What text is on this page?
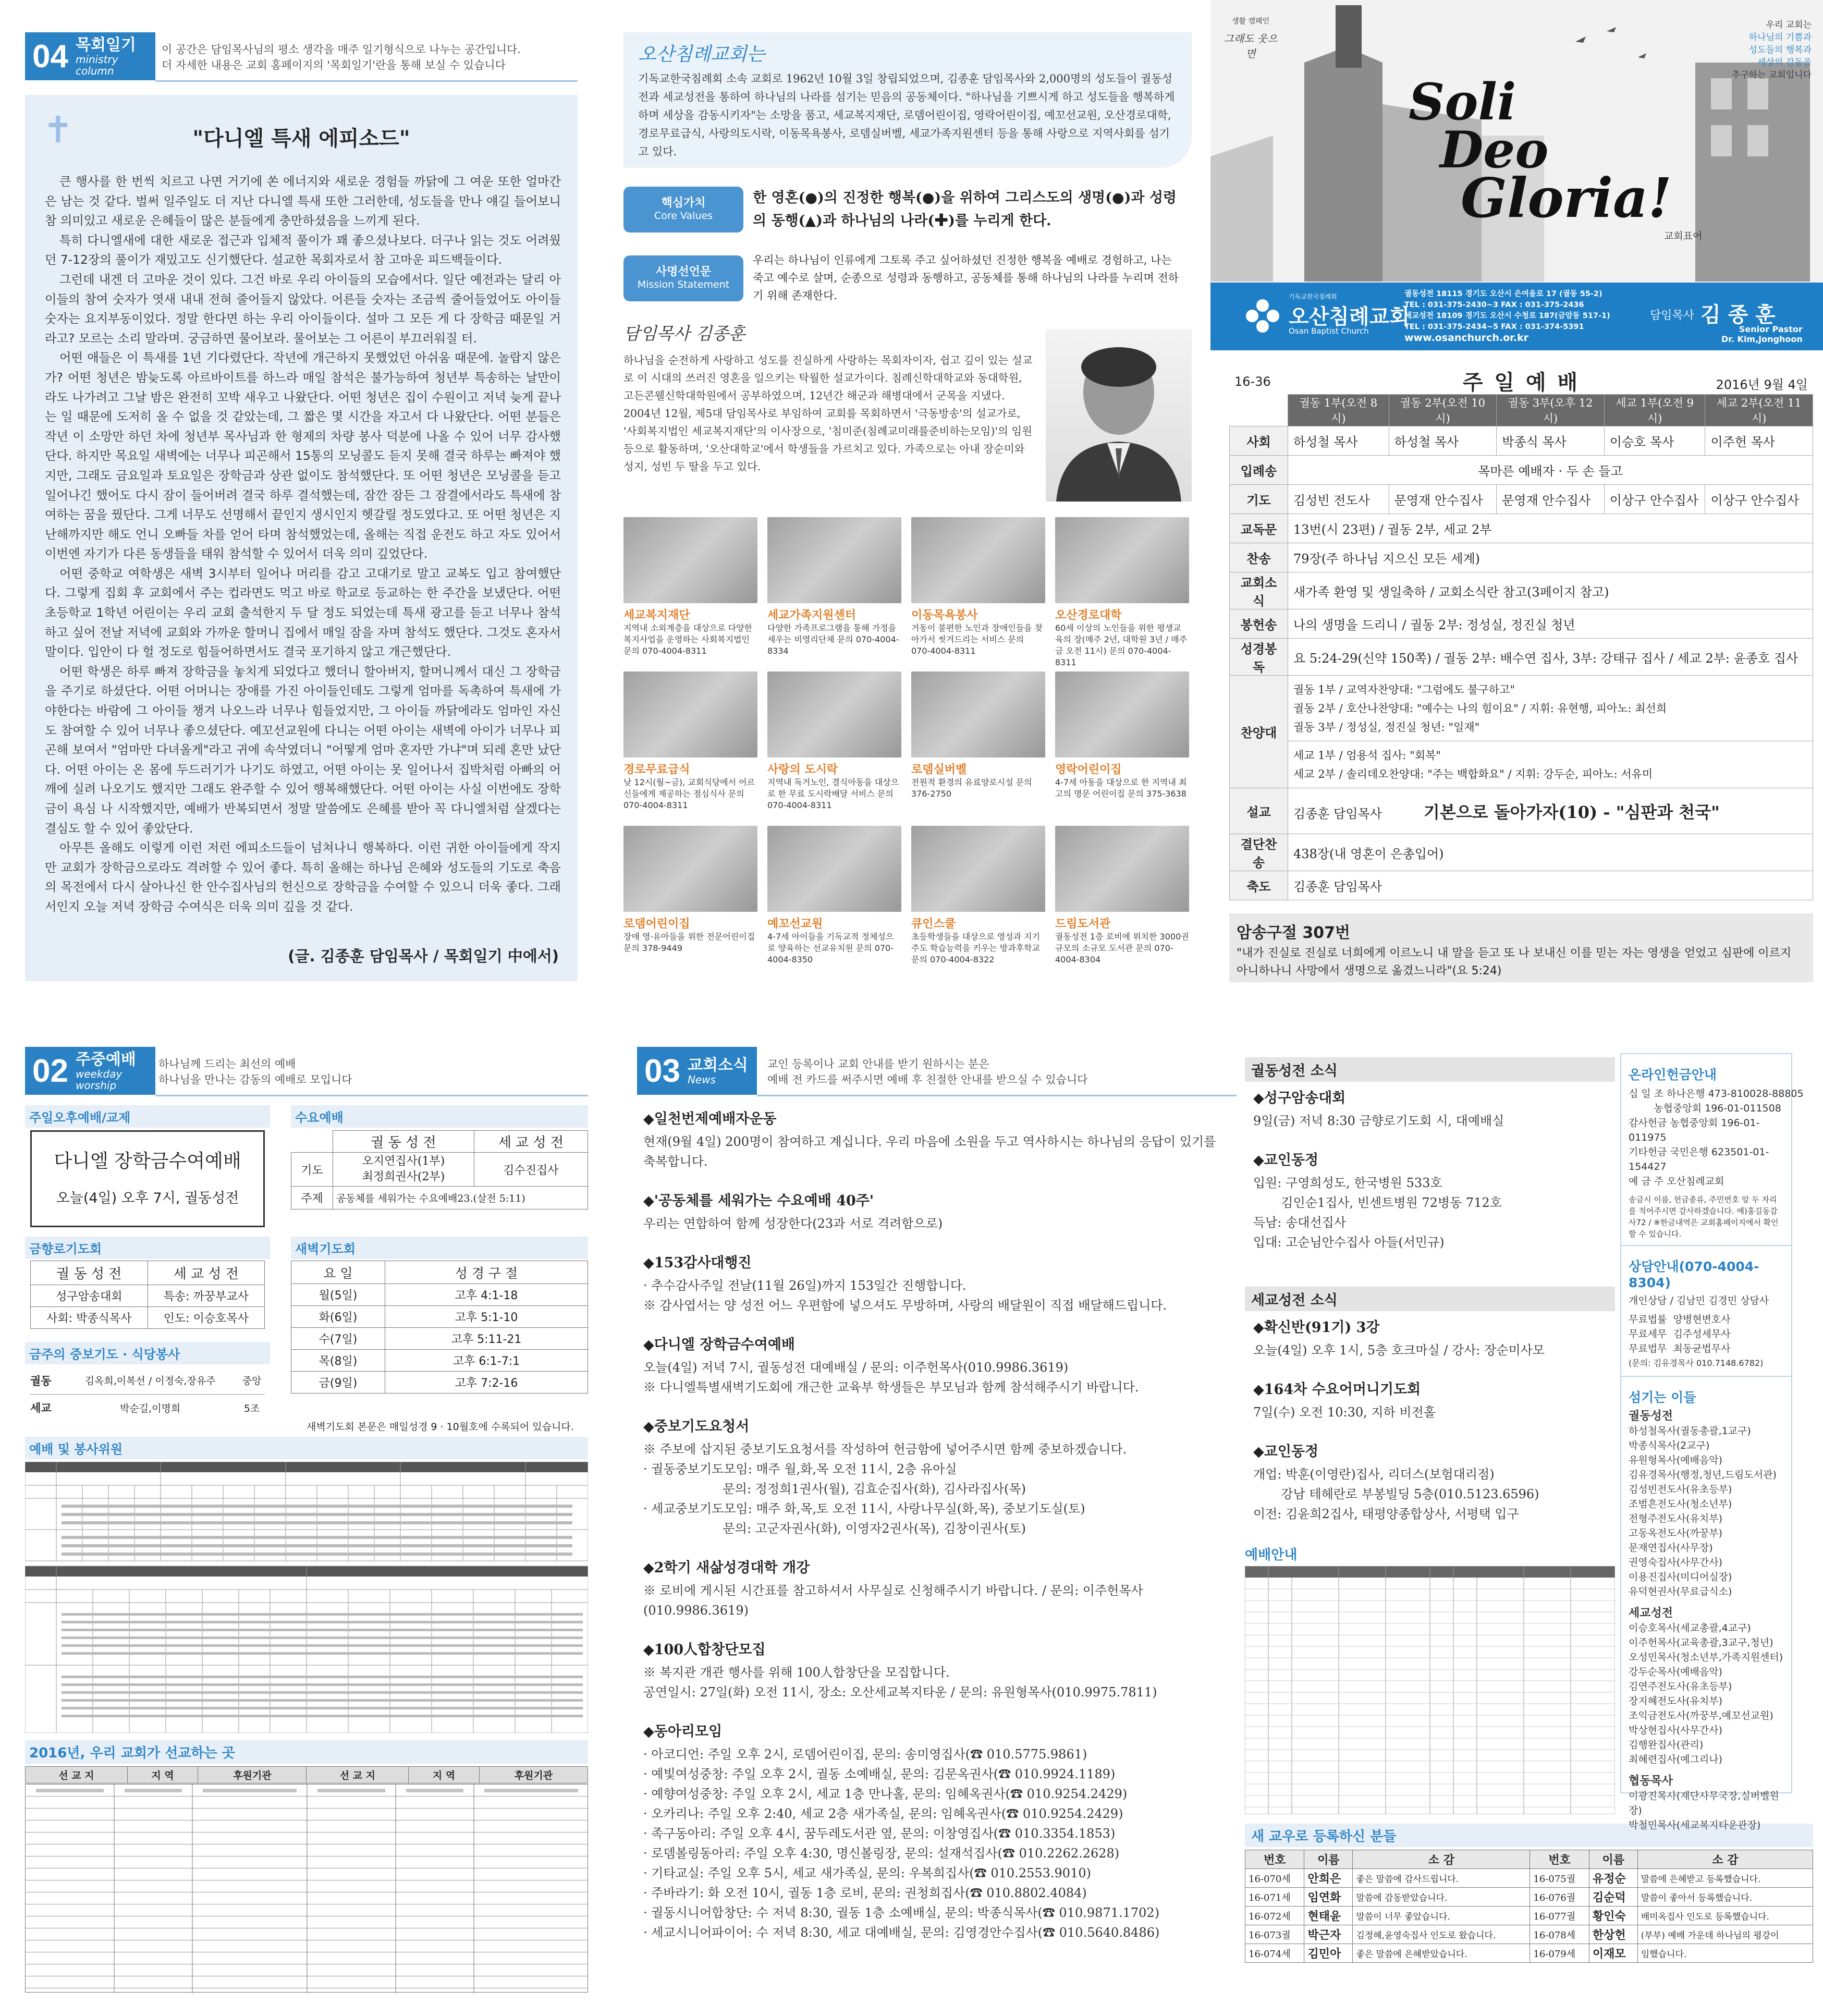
04 목회일기
ministry column
이 공간은 담임목사님의 평소 생각을 매주 일기형식으로 나누는 공간입니다.
더 자세한 내용은 교회 홈페이지의 '목회일기'란을 통해 보실 수 있습니다
✝	"다니엘 특새 에피소드"

큰 행사를 한 번씩 치르고 나면 거기에 쏜 에너지와 새로운 경험들 까닭에 그 여운 또한 얼마간은 남는 것 같다. 벌써 일주일도 더 지난 다니엘 특새 또한 그러한데, 성도들을 만나 얘길 들어보니 참 의미있고 새로운 은혜들이 많은 분들에게 충만하셨음을 느끼게 된다.

특히 다니엘새에 대한 새로운 접근과 입체적 풀이가 꽤 좋으셨나보다. 더구나 읽는 것도 어려웠던 7-12장의 풀이가 재밌고도 신기했단다. 설교한 목회자로서 참 고마운 피드백들이다.

그런데 내겐 더 고마운 것이 있다. 그건 바로 우리 아이들의 모습에서다. 일단 예전과는 달리 아이들의 참여 숫자가 엿새 내내 전혀 줄어들지 않았다. 어른들 숫자는 조금씩 줄어들었어도 아이들 숫자는 요지부동이었다. 정말 한다면 하는 우리 아이들이다. 설마 그 모든 게 다 장학금 때문일 거라고? 모르는 소리 말라며. 궁금하면 물어보라. 물어보는 그 어른이 부끄러워질 터.

어떤 애들은 이 특새를 1년 기다렸단다. 작년에 개근하지 못했었던 아쉬움 때문에. 놀랍지 않은가? 어떤 청년은 밤늦도록 아르바이트를 하느라 매일 참석은 불가능하여 청년부 특송하는 날만이라도 나가려고 그날 밤은 완전히 꼬박 새우고 나왔단다. 어떤 청년은 집이 수원이고 저녁 늦게 끝나는 일 때문에 도저히 올 수 없을 것 같았는데, 그 짧은 몇 시간을 자고서 다 나왔단다. 어떤 분들은 작년 이 소망만 하던 차에 청년부 목사님과 한 형제의 차량 봉사 덕분에 나올 수 있어 너무 감사했단다. 하지만 목요일 새벽에는 너무나 피곤해서 15통의 모닝콜도 듣지 못해 결국 하루는 빠져야 했지만, 그래도 금요일과 토요일은 장학금과 상관 없이도 참석했단다. 또 어떤 청년은 모닝콜을 듣고 일어나긴 했어도 다시 잠이 들어버려 결국 하루 결석했는데, 잠깐 잠든 그 잠결에서라도 특새에 참여하는 꿈을 꿨단다. 그게 너무도 선명해서 끝인지 생시인지 헷갈릴 정도였다고. 또 어떤 청년은 지난해까지만 해도 언니 오빠들 차를 얻어 타며 참석했었는데, 올해는 직접 운전도 하고 자도 있어서 이번엔 자기가 다른 동생들을 태워 참석할 수 있어서 더욱 의미 깊었단다.

어떤 중학교 여학생은 새벽 3시부터 일어나 머리를 감고 고대기로 말고 교복도 입고 참여했단다. 그렇게 집회 후 교회에서 주는 컵라면도 먹고 바로 학교로 등교하는 한 주간을 보냈단다. 어떤 초등학교 1학년 어린이는 우리 교회 출석한지 두 달 정도 되었는데 특새 광고를 듣고 너무나 참석하고 싶어 전날 저녁에 교회와 가까운 할머니 집에서 매일 잠을 자며 참석도 했단다. 그것도 혼자서 말이다. 입안이 다 헐 정도로 힘들어하면서도 결국 포기하지 않고 개근했단다.

어떤 학생은 하루 빠져 장학금을 놓치게 되었다고 했더니 할아버지, 할머니께서 대신 그 장학금을 주기로 하셨단다. 어떤 어머니는 장애를 가진 아이들인데도 그렇게 엄마를 독촉하여 특새에 가야한다는 바람에 그 아이들 챙겨 나오느라 너무나 힘들었지만, 그 아이들 까닭에라도 엄마인 자신도 참여할 수 있어 너무나 좋으셨단다. 예꼬선교원에 다니는 어떤 아이는 새벽에 아이가 너무나 피곤해 보여서 "엄마만 다녀올게"라고 귀에 속삭였더니 "어떻게 엄마 혼자만 가냐"며 되레 혼만 났단다. 어떤 아이는 온 몸에 두드러기가 나기도 하였고, 어떤 아이는 못 일어나서 집박처럼 아빠의 어깨에 실려 나오기도 했지만 그래도 완주할 수 있어 행복해했단다. 어떤 아이는 사실 이번에도 장학금이 욕심 나 시작했지만, 예배가 반복되면서 정말 말씀에도 은혜를 받아 꼭 다니엘처럼 살겠다는 결심도 할 수 있어 좋았단다.

아무튼 올해도 이렇게 이런 저런 에피소드들이 넘쳐나니 행복하다. 이런 귀한 아이들에게 작지만 교회가 장학금으로라도 격려할 수 있어 좋다. 특히 올해는 하나님 은혜와 성도들의 기도로 축음의 목전에서 다시 살아나신 한 안수집사님의 헌신으로 장학금을 수여할 수 있으니 더욱 좋다. 그래서인지 오늘 저녁 장학금 수여식은 더욱 의미 깊을 것 같다.

(글. 김종훈 담임목사 / 목회일기 中에서)
오산침례교회는
기독교한국침례회 소속 교회로 1962년 10월 3일 창립되었으며, 김종훈 담임목사와 2,000명의 성도들이 궐동성전과 세교성전을 통하여 하나님의 나라를 섬기는 믿음의 공동체이다. "하나님을 기쁘시게 하고 성도들을 행복하게 하며 세상을 감동시키자"는 소망을 품고, 세교복지재단, 로뎀어린이집, 영락어린이집, 예꼬선교원, 오산경로대학, 경로무료급식, 사랑의도시락, 이동목욕봉사, 로뎀실버벨, 세교가족지원센터 등을 통해 사랑으로 지역사회를 섬기고 있다.
핵심가치
Core Values
한 영혼(●)의 진정한 행복(●)을 위하여 그리스도의 생명(●)과 성령의 동행(▲)과 하나님의 나라(✚)를 누리게 한다.
사명선언문
Mission Statement
우리는 하나님이 인류에게 그토록 주고 싶어하셨던 진정한 행복을 예배로 경험하고, 나는 죽고 예수로 살며, 순종으로 성령과 동행하고, 공동체를 통해 하나님의 나라를 누리며 전하기 위해 존재한다.
담임목사 김종훈
하나님을 순전하게 사랑하고 성도를 진실하게 사랑하는 목회자이자, 쉽고 깊이 있는 설교로 이 시대의 쓰러진 영혼을 일으키는 탁월한 설교가이다. 침례신학대학교와 동대학원, 고든콘웰신학대학원에서 공부하였으며, 12년간 해군과 해병대에서 군목을 지냈다. 2004년 12월, 제5대 담임목사로 부임하여 교회를 목회하면서 '극동방송'의 설교가로, '사회복지법인 세교복지재단'의 이사장으로, '침미준(침례교미래를준비하는모임)'의 임원 등으로 활동하며, '오산대학교'에서 학생들을 가르치고 있다. 가족으로는 아내 장순미와 성지, 성빈 두 딸을 두고 있다.
세교복지재단
지역내 소외계층을 대상으로 다양한 복지사업을 운영하는 사회복지법인 문의 070-4004-8311
세교가족지원센터
다양한 가족프로그램을 통해 가정을 세우는 비영리단체 문의 070-4004-8334
이동목욕봉사
거동이 불편한 노인과 장애인들을 찾아가서 씻겨드리는 서비스 문의 070-4004-8311
오산경로대학
60세 이상의 노인들을 위한 평생교육의 장(매주 2년, 대학원 3년 / 매주 금 오전 11시) 문의 070-4004-8311
경로무료급식
낮 12시(월~금), 교회식당에서 어르신들에게 제공하는 점심식사 문의 070-4004-8311
사랑의 도시락
지역내 독거노인, 결식아동을 대상으로 한 무료 도시락배달 서비스 문의 070-4004-8311
로뎀실버벨
전원적 환경의 유료양로시설 문의 376-2750
영락어린이집
4-7세 아동을 대상으로 한 지역내 최고의 명문 어린이집 문의 375-3638
로뎀어린이집
장애 영·유아들을 위한 전문어린이집 문의 378-9449
예꼬선교원
4-7세 아이들을 기독교적 정체성으로 양육하는 선교유치원 문의 070-4004-8350
큐인스쿨
초등학생들을 대상으로 영성과 지기주도 학습능력을 키우는 방과후학교 문의 070-4004-8322
드림도서관
궐동성전 1층 로비에 위치한 3000권 규모의 소규모 도서관 문의 070-4004-8304
생활 캠페인
그래도 웃으면
우리 교회는
하나님의 기쁨과
성도들의 행복과
세상의 감동을
추구하는 교회입니다
Soli
Deo
Gloria!
교회표어
기독교한국침례회
오산침례교회
Osan Baptist Church
궐동성전 18115 경기도 오산시 은여울로 17 (궐동 55-2)
TEL : 031-375-2430~3 FAX : 031-375-2436
세교성전 18109 경기도 오산시 수청로 187(금암동 517-1)
TEL : 031-375-2434~5 FAX : 031-374-5391
www.osanchurch.or.kr
담임목사 김 종 훈
Senior Pastor
Dr. Kim,Jonghoon
16-36	주 일 예 배	2016년 9월 4일
	궐동 1부(오전 8시)	궐동 2부(오전 10시)	궐동 3부(오후 12시)	세교 1부(오전 9시)	세교 2부(오전 11시)
사회	하성철 목사	하성철 목사	박종식 목사	이승호 목사	이주헌 목사
입례송	목마른 예배자 · 두 손 들고				
기도	김성빈 전도사	문영재 안수집사	문영재 안수집사	이상구 안수집사	이상구 안수집사
교독문	13번(시 23편) / 궐동 2부, 세교 2부				
찬송	79장(주 하나님 지으신 모든 세계)				
교회소식	새가족 환영 및 생일축하 / 교회소식란 참고(3페이지 참고)				
봉헌송	나의 생명을 드리니 / 궐동 2부: 정성실, 정진실 청년				
성경봉독	요 5:24-29(신약 150쪽) / 궐동 2부: 배수연 집사, 3부: 강태규 집사 / 세교 2부: 윤종호 집사				
찬양대	궐동 1부 / 교역자찬양대: "그럼에도 불구하고"
궐동 2부 / 호산나찬양대: "예수는 나의 힘이요" / 지휘: 유현행, 피아노: 최선희
궐동 3부 / 정성실, 정진실 청년: "일재"				

	세교 1부 / 엄용석 집사: "회복"
세교 2부 / 솔리데오찬양대: "주는 백합화요" / 지휘: 강두순, 피아노: 서유미				

설교	김종훈 담임목사 기본으로 돌아가자(10) - "심판과 천국"				
결단찬송	438장(내 영혼이 은총입어)				
축도	김종훈 담임목사				
암송구절 307번
"내가 진실로 진실로 너희에게 이르노니 내 말을 듣고 또 나 보내신 이를 믿는 자는 영생을 얻었고 심판에 이르지 아니하나니 사망에서 생명으로 옮겼느니라"(요 5:24)
02 주중예배
weekday worship
하나님께 드리는 최선의 예배
하나님을 만나는 감동의 예배로 모입니다
주일오후예배/교제
다니엘 장학금수여예배
오늘(4일) 오후 7시, 궐동성전
수요예배
	궐 동 성 전	세 교 성 전
기도	오지연집사(1부)
최정희권사(2부)	김수진집사
주제	공동체를 세워가는 수요예배23.(살전 5:11)	
금향로기도회
궐 동 성 전	세 교 성 전
성구암송대회	특송: 까꿍부교사
사회: 박종식목사	인도: 이승호목사
새벽기도회
요 일	성 경 구 절
월(5일)	고후 4:1-18
화(6일)	고후 5:1-10
수(7일)	고후 5:11-21
목(8일)	고후 6:1-7:1
금(9일)	고후 7:2-16
새벽기도회 본문은 매일성경 9 · 10월호에 수록되어 있습니다.
금주의 중보기도 · 식당봉사
궐동	김옥희,이복선 / 이정숙,장유주	중앙
세교	박순길,이명희	5조
예배 및 봉사위원
2016년, 우리 교회가 선교하는 곳
선 교 지	지 역	후원기관	선 교 지	지 역	후원기관
03 교회소식
News
교인 등록이나 교회 안내를 받기 원하시는 분은
예배 전 카드를 써주시면 예배 후 친절한 안내를 받으실 수 있습니다
◆일천번제예배자운동

현재(9월 4일) 200명이 참여하고 계십니다. 우리 마음에 소원을 두고 역사하시는 하나님의 응답이 있기를 축복합니다.

◆'공동체를 세워가는 수요예배 40주'

우리는 연합하여 함께 성장한다(23과 서로 격려함으로)

◆153감사대행진

· 추수감사주일 전날(11월 26일)까지 153일간 진행합니다.

※ 감사엽서는 양 성전 어느 우편함에 넣으셔도 무방하며, 사랑의 배달원이 직접 배달해드립니다.

◆다니엘 장학금수여예배

오늘(4일) 저녁 7시, 궐동성전 대예배실 / 문의: 이주헌목사(010.9986.3619)

※ 다니엘특별새벽기도회에 개근한 교육부 학생들은 부모님과 함께 참석해주시기 바랍니다.

◆중보기도요청서

※ 주보에 삽지된 중보기도요청서를 작성하여 헌금함에 넣어주시면 함께 중보하겠습니다.

· 궐동중보기도모임: 매주 월,화,목 오전 11시, 2층 유아실

문의: 정정희1권사(월), 김효순집사(화), 김사라집사(목)

· 세교중보기도모임: 매주 화,목,토 오전 11시, 사랑나무실(화,목), 중보기도실(토)

문의: 고군자권사(화), 이영자2권사(목), 김창이권사(토)

◆2학기 새삶성경대학 개강

※ 로비에 게시된 시간표를 참고하셔서 사무실로 신청해주시기 바랍니다. / 문의: 이주헌목사(010.9986.3619)

◆100人합창단모집

※ 복지관 개관 행사를 위해 100人합창단을 모집합니다.

공연일시: 27일(화) 오전 11시, 장소: 오산세교복지타운 / 문의: 유원형목사(010.9975.7811)

◆동아리모임

· 아코디언: 주일 오후 2시, 로뎀어린이집, 문의: 송미영집사(☎ 010.5775.9861)

· 예빛여성중창: 주일 오후 2시, 궐동 소예배실, 문의: 김문옥권사(☎ 010.9924.1189)

· 예향여성중창: 주일 오후 2시, 세교 1층 만나홀, 문의: 임혜옥권사(☎ 010.9254.2429)

· 오카리나: 주일 오후 2:40, 세교 2층 새가족실, 문의: 임혜옥권사(☎ 010.9254.2429)

· 족구동아리: 주일 오후 4시, 꿈두레도서관 옆, 문의: 이창영집사(☎ 010.3354.1853)

· 로뎀볼링동아리: 주일 오후 4:30, 명신볼링장, 문의: 설재석집사(☎ 010.2262.2628)

· 기타교실: 주일 오후 5시, 세교 새가족실, 문의: 우복희집사(☎ 010.2553.9010)

· 주바라기: 화 오전 10시, 궐동 1층 로비, 문의: 권청희집사(☎ 010.8802.4084)

· 궐동시니어합창단: 수 저녁 8:30, 궐동 1층 소예배실, 문의: 박종식목사(☎ 010.9871.1702)

· 세교시니어파이어: 수 저녁 8:30, 세교 대예배실, 문의: 김영경안수집사(☎ 010.5640.8486)

궐동성전 소식
◆성구암송대회

9일(금) 저녁 8:30 금향로기도회 시, 대예배실

◆교인동정

입원: 구영희성도, 한국병원 533호

김인순1집사, 빈센트병원 72병동 712호

득남: 송대선집사

입대: 고순님안수집사 아들(서민규)

세교성전 소식
◆확신반(91기) 3강

오늘(4일) 오후 1시, 5층 호크마실 / 강사: 장순미사모

◆164차 수요어머니기도회

7일(수) 오전 10:30, 지하 비전홀

◆교인동정

개업: 박훈(이영란)집사, 리더스(보험대리점)

강남 테헤란로 부봉빌딩 5층(010.5123.6596)

이전: 김윤희2집사, 태평양종합상사, 서평택 입구

예배안내
새 교우로 등록하신 분들
번호	이름	소 감	번호	이름	소 감
16-070세	안희은	좋은 말씀에 감사드립니다.	16-075궐	유정순	말씀에 은혜받고 등록했습니다.
16-071세	임연화	말씀에 감동받았습니다.	16-076궐	김순덕	말씀이 좋아서 등록했습니다.
16-072세	현태윤	말씀이 너무 좋았습니다.	16-077궐	황인숙	배미옥집사 인도로 등록했습니다.
16-073궐	박근자	김정혜,윤영숙집사 인도로 왔습니다.	16-078세	한상헌	(부부) 예배 가운데 하나님의 평강이
16-074세	김민아	좋은 말씀에 은혜받았습니다.	16-079세	이재모	임했습니다.
온라인헌금안내

십 일 조 하나은행 473-810028-88805

농협중앙회 196-01-011508

감사헌금 농협중앙회 196-01-011975

기타헌금 국민은행 623501-01-154427

예 금 주 오산침례교회

송금시 이름, 헌금종류, 주민번호 앞 두 자리를 적어주시면 감사하겠습니다. 예)홍길동감사72 / ※한금내역은 교회홈페이지에서 확인할 수 있습니다.

상담안내(070-4004-8304)

개인상담 / 김남민 김경민 상담사

무료법률  양병현변호사

무료세무  김주성세무사

무료법무  최동균법무사

(문의: 김유경목사 010.7148.6782)

섬기는 이들

궐동성전

하성철목사(궐동총괄,1교구)

박종식목사(2교구)

유원형목사(예배음악)

김유경목사(행정,청년,드림도서관)

김성빈전도사(유초등부)

조범흔전도사(청소년부)

전형주전도사(유치부)

고동옥전도사(까꿍부)

문재연집사(사무장)

권영숙집사(사무간사)

이용진집사(미디어실장)

유덕현권사(무료급식소)

세교성전

이승호목사(세교총괄,4교구)

이주헌목사(교육총괄,3교구,청년)

오성민목사(청소년부,가족지원센터)

강두순목사(예배음악)

김연주전도사(유초등부)

장지혜전도사(유치부)

조익금전도사(까꿍부,예꼬선교원)

박상현집사(사무간사)

김행완집사(관리)

최혜련집사(예그리나)

협동목사

이광진목사(재단사무국장,실버벨원장)

박철민목사(세교복지타운관장)
